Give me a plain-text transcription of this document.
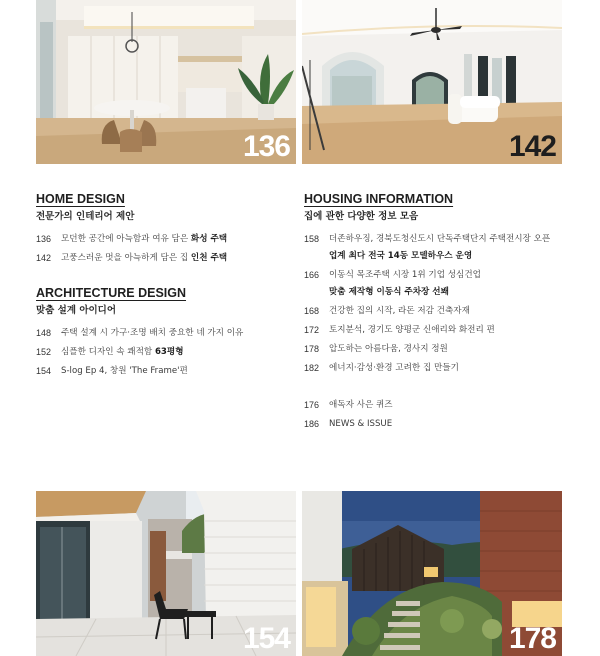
136	142

HOME DESIGN

전문가의 인테리어 제안

136	모던한 공간에 아늑함과 여유 담은 화성 주택
142	고풍스러운 멋을 아늑하게 담은 집 인천 주택

ARCHITECTURE DESIGN

맞춤 설계 아이디어

148	주택 설계 시 가구·조명 배치 중요한 네 가지 이유
152	심플한 디자인 속 쾌적함 63평형
154	S-log Ep 4, 창원 'The Frame'편

HOUSING INFORMATION

집에 관한 다양한 정보 모음

158	더존하우징, 경북도청신도시 단독주택단지 주택전시장 오픈
업계 최다 전국 14동 모델하우스 운영
166	이동식 목조주택 시장 1위 기업 성심건업
맞춤 제작형 이동식 주차장 선봬
168	건강한 집의 시작, 라돈 저감 건축자재
172	토지분석, 경기도 양평군 신애리와 화전리 편
178	압도하는 아름다움, 경사지 정원
182	에너지·감성·환경 고려한 집 만들기
176	애독자 사은 퀴즈
186	NEWS & ISSUE
154	178
